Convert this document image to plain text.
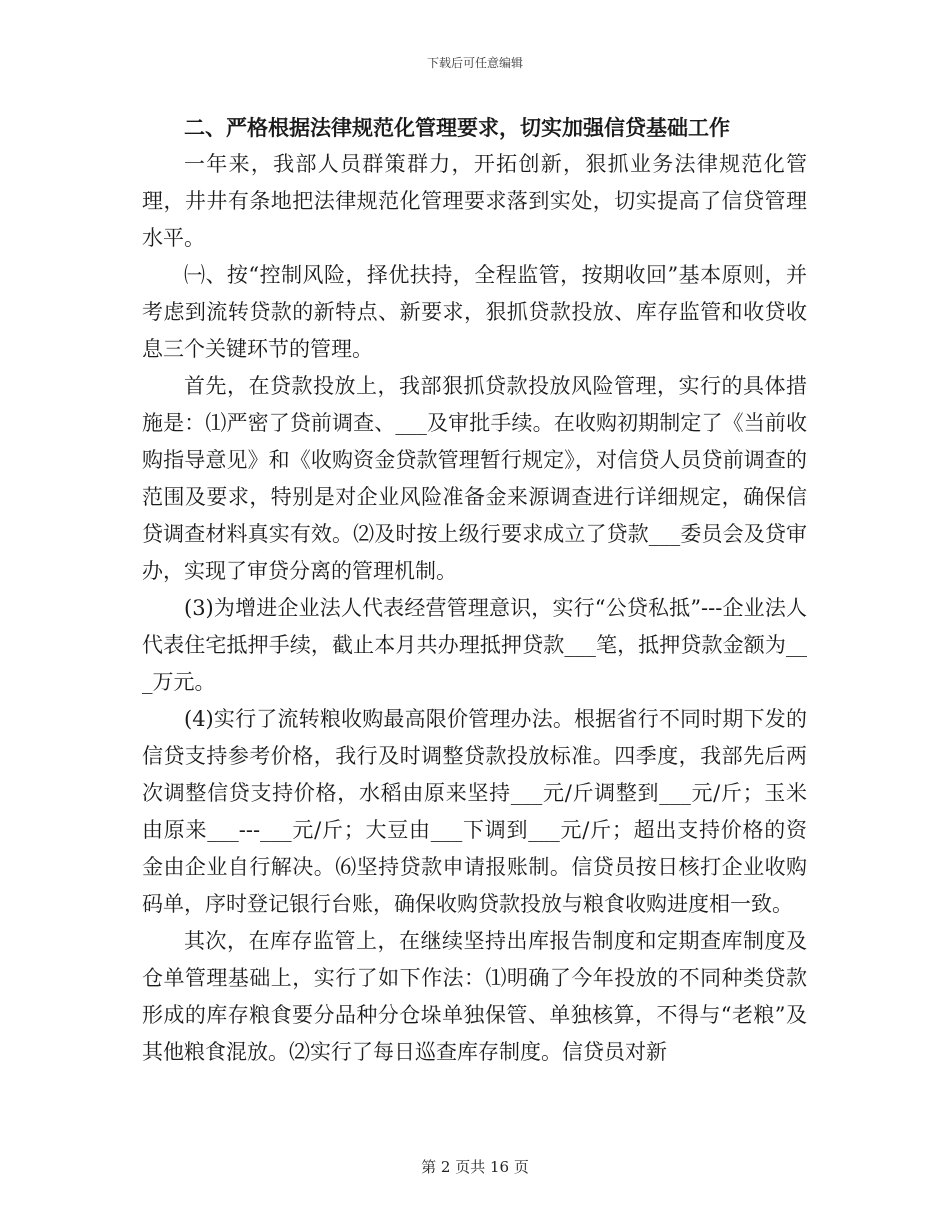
下载后可任意编辑

二、严格根据法律规范化管理要求，切实加强信贷基础工作

一年来，我部人员群策群力，开拓创新，狠抓业务法律规范化管理，井井有条地把法律规范化管理要求落到实处，切实提高了信贷管理水平。

㈠、按“控制风险，择优扶持，全程监管，按期收回”基本原则，并考虑到流转贷款的新特点、新要求，狠抓贷款投放、库存监管和收贷收息三个关键环节的管理。

首先，在贷款投放上，我部狠抓贷款投放风险管理，实行的具体措施是：⑴严密了贷前调查、___及审批手续。在收购初期制定了《当前收购指导意见》和《收购资金贷款管理暂行规定》，对信贷人员贷前调查的范围及要求，特别是对企业风险准备金来源调查进行详细规定，确保信贷调查材料真实有效。⑵及时按上级行要求成立了贷款___委员会及贷审办，实现了审贷分离的管理机制。

(3)为增进企业法人代表经营管理意识，实行“公贷私抵”---企业法人代表住宅抵押手续，截止本月共办理抵押贷款___笔，抵押贷款金额为___万元。

(4)实行了流转粮收购最高限价管理办法。根据省行不同时期下发的信贷支持参考价格，我行及时调整贷款投放标准。四季度，我部先后两次调整信贷支持价格，水稻由原来坚持___元/斤调整到___元/斤；玉米由原来___---___元/斤；大豆由___下调到___元/斤；超出支持价格的资金由企业自行解决。⑹坚持贷款申请报账制。信贷员按日核打企业收购码单，序时登记银行台账，确保收购贷款投放与粮食收购进度相一致。

其次，在库存监管上，在继续坚持出库报告制度和定期查库制度及仓单管理基础上，实行了如下作法：⑴明确了今年投放的不同种类贷款形成的库存粮食要分品种分仓垛单独保管、单独核算，不得与“老粮”及其他粮食混放。⑵实行了每日巡查库存制度。信贷员对新

第 2 页共 16 页
